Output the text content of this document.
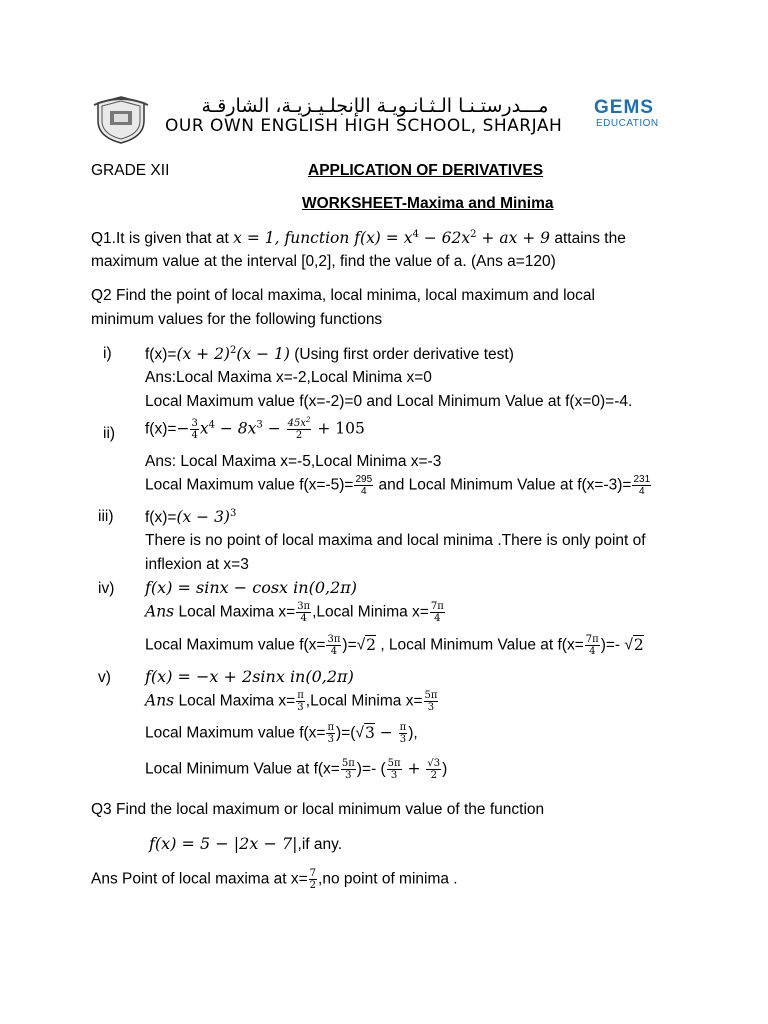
مـــدرستـنـا الـثـانـويـة الإنجلـيـزيـة، الشارقـة
OUR OWN ENGLISH HIGH SCHOOL, SHARJAH
GEMS
EDUCATION
GRADE XII	APPLICATION OF DERIVATIVES
WORKSHEET-Maxima and Minima
Q1.It is given that at x = 1, function $f(x) = x^4 - 62x^2$ + ax + 9 attains the
maximum value at the interval [0,2], find the value of a. (Ans a=120)
Q2 Find the point of local maxima, local minima, local maximum and local
minimum values for the following functions
i) $f(x)=(x + 2)^2(x - 1)$ (Using first order derivative test)
Ans:Local Maxima x=-2,Local Minima x=0
Local Maximum value f(x=-2)=0 and Local Minimum Value at f(x=0)=-4.
ii) $f(x)=- \frac{3}{4} x^4 - 8x^3 - \frac{45x^2}{2} + 105$
Ans: Local Maxima x=-5,Local Minima x=-3
Local Maximum value $f(x=-5)= \frac{295}{4}$ and Local Minimum Value at $f(x=-3)= \frac{231}{4}$
iii) $f(x)=(x - 3)^3$
There is no point of local maxima and local minima .There is only point of
inflexion at x=3
iv) f(x) = sinx − cosx in(0,2π)
Ans Local Maxima $x= \frac{3\pi}{4}$ ,Local Minima $x= \frac{7\pi}{4}$
Local Maximum value $f(x= \frac{3\pi}{4} )=√2$ , Local Minimum Value at $f(x= \frac{7\pi}{4}$ )=- √2
v) f(x) = −x + 2sinx in(0,2π)
Ans Local Maxima $x= \frac{\pi}{3}$ ,Local Minima $x= \frac{5\pi}{3}$
Local Maximum value $f(x= \frac{\pi}{3} )=(√3 - \frac{\pi}{3}$ ),
Local Minimum Value at $f(x= \frac{5\pi}{3}$ )=- ( $\frac{5\pi}{3} + \frac{√3}{2}$ )
Q3 Find the local maximum or local minimum value of the function
f(x) = 5 − |2x − 7|,if any.
Ans Point of local maxima at $x= \frac{7}{2} ,no$ point of minima .
